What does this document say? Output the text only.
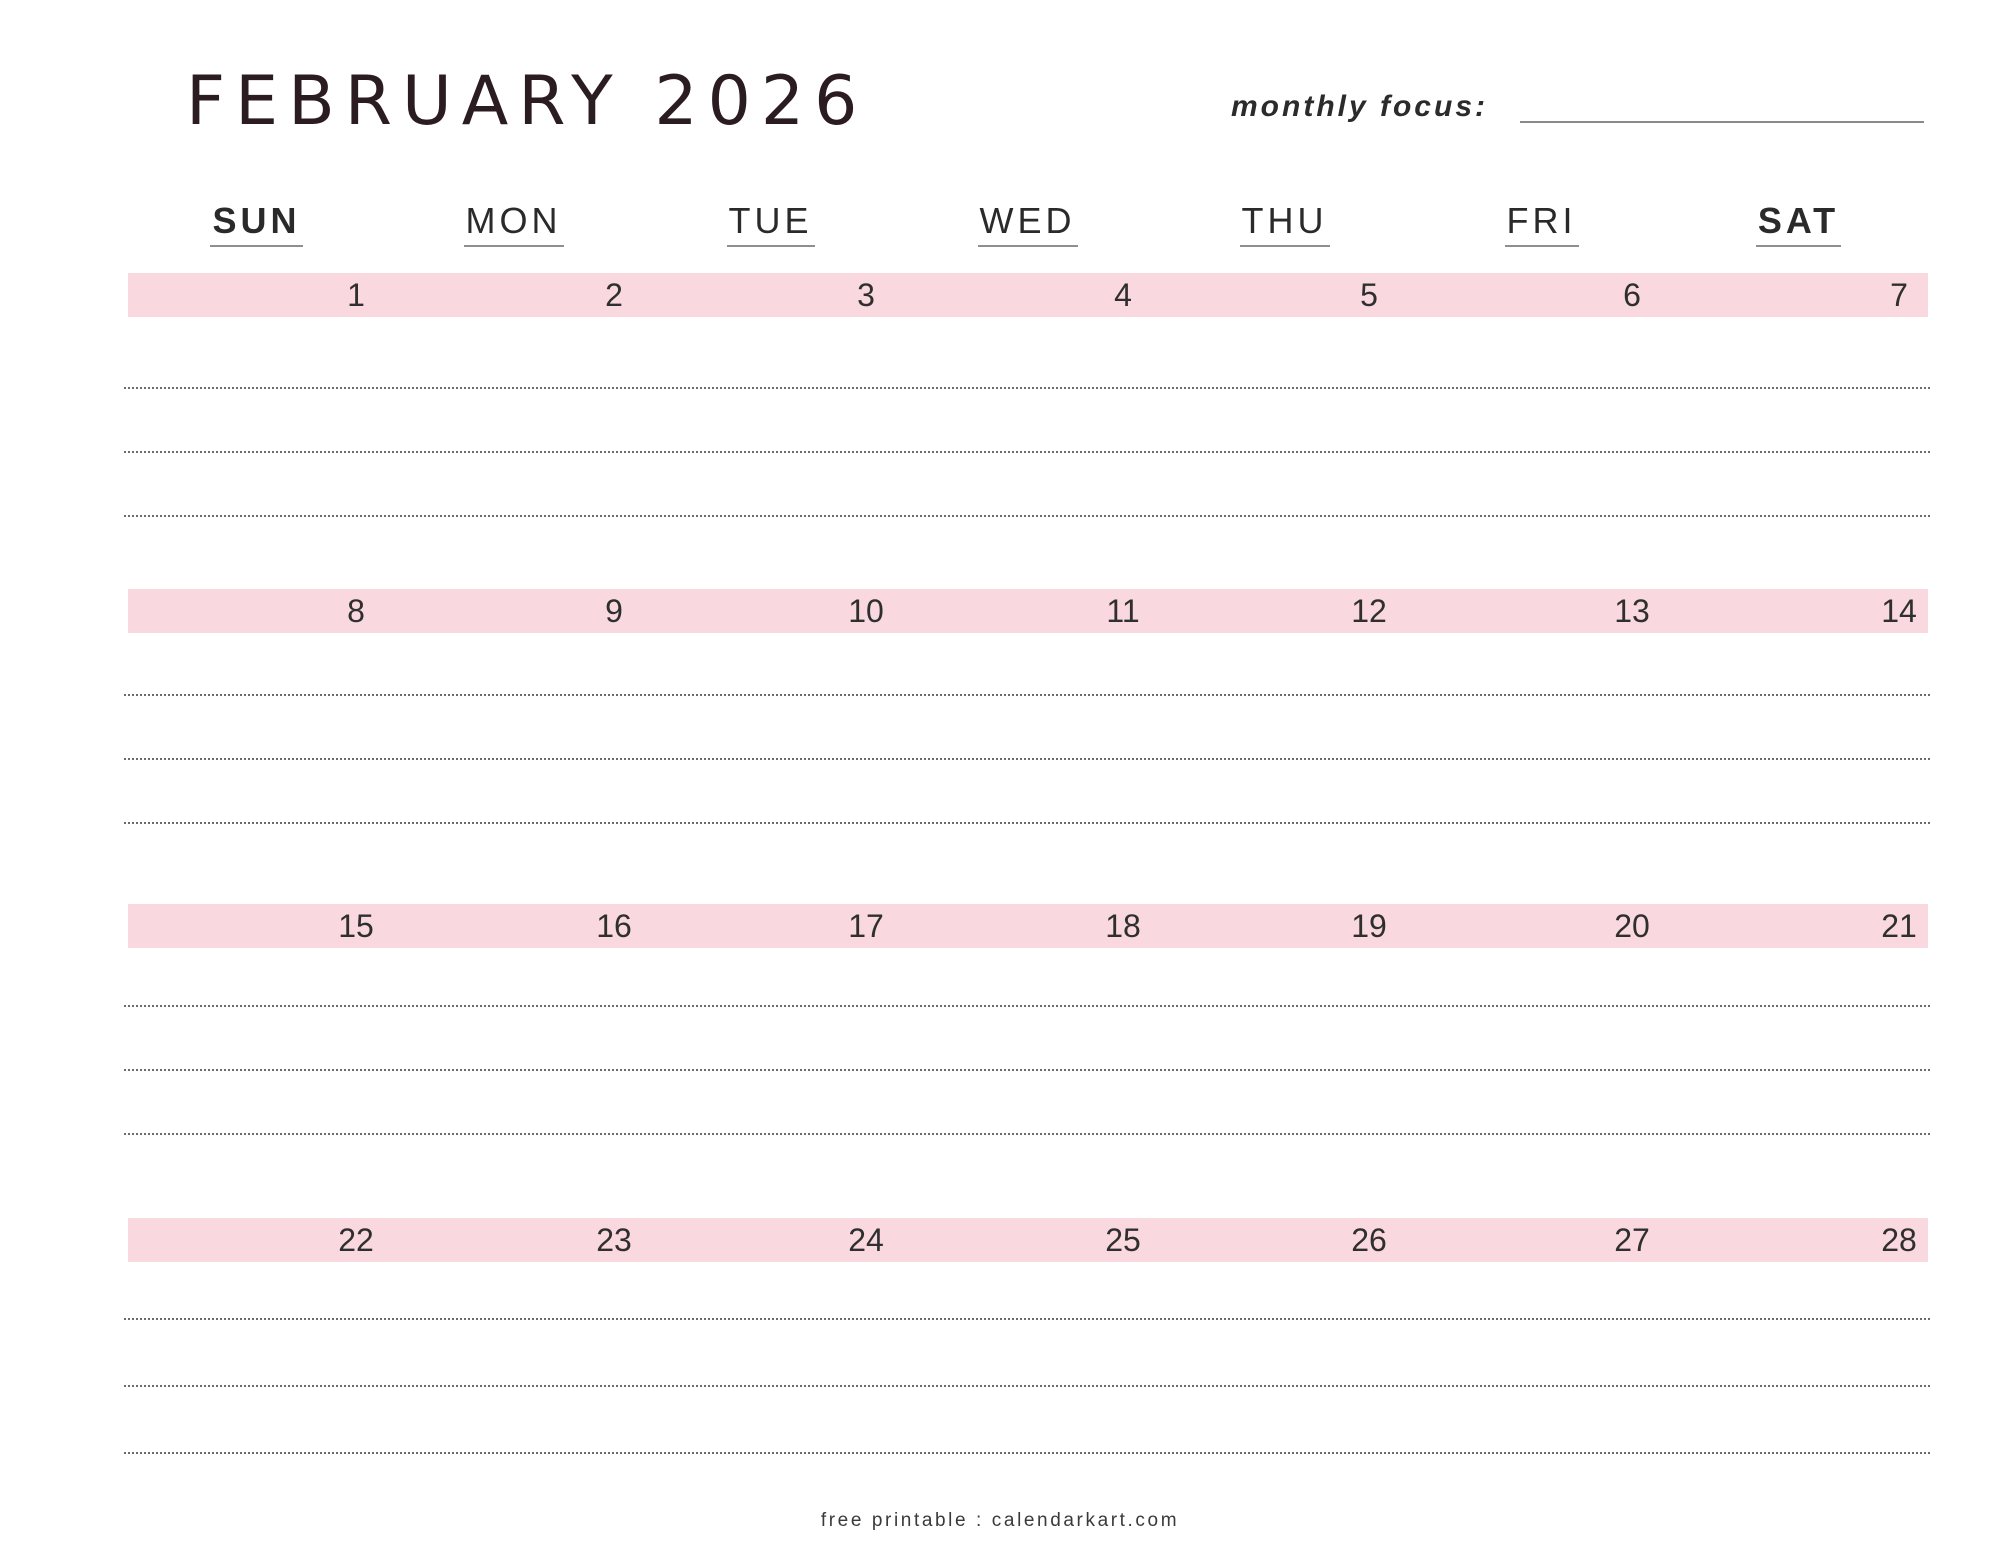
FEBRUARY 2026	monthly focus:
SUN	MON	TUE	WED	THU	FRI	SAT
1	2	3	4	5	6	7
8	9	10	11	12	13	14
15	16	17	18	19	20	21
22	23	24	25	26	27	28
free printable : calendarkart.com
